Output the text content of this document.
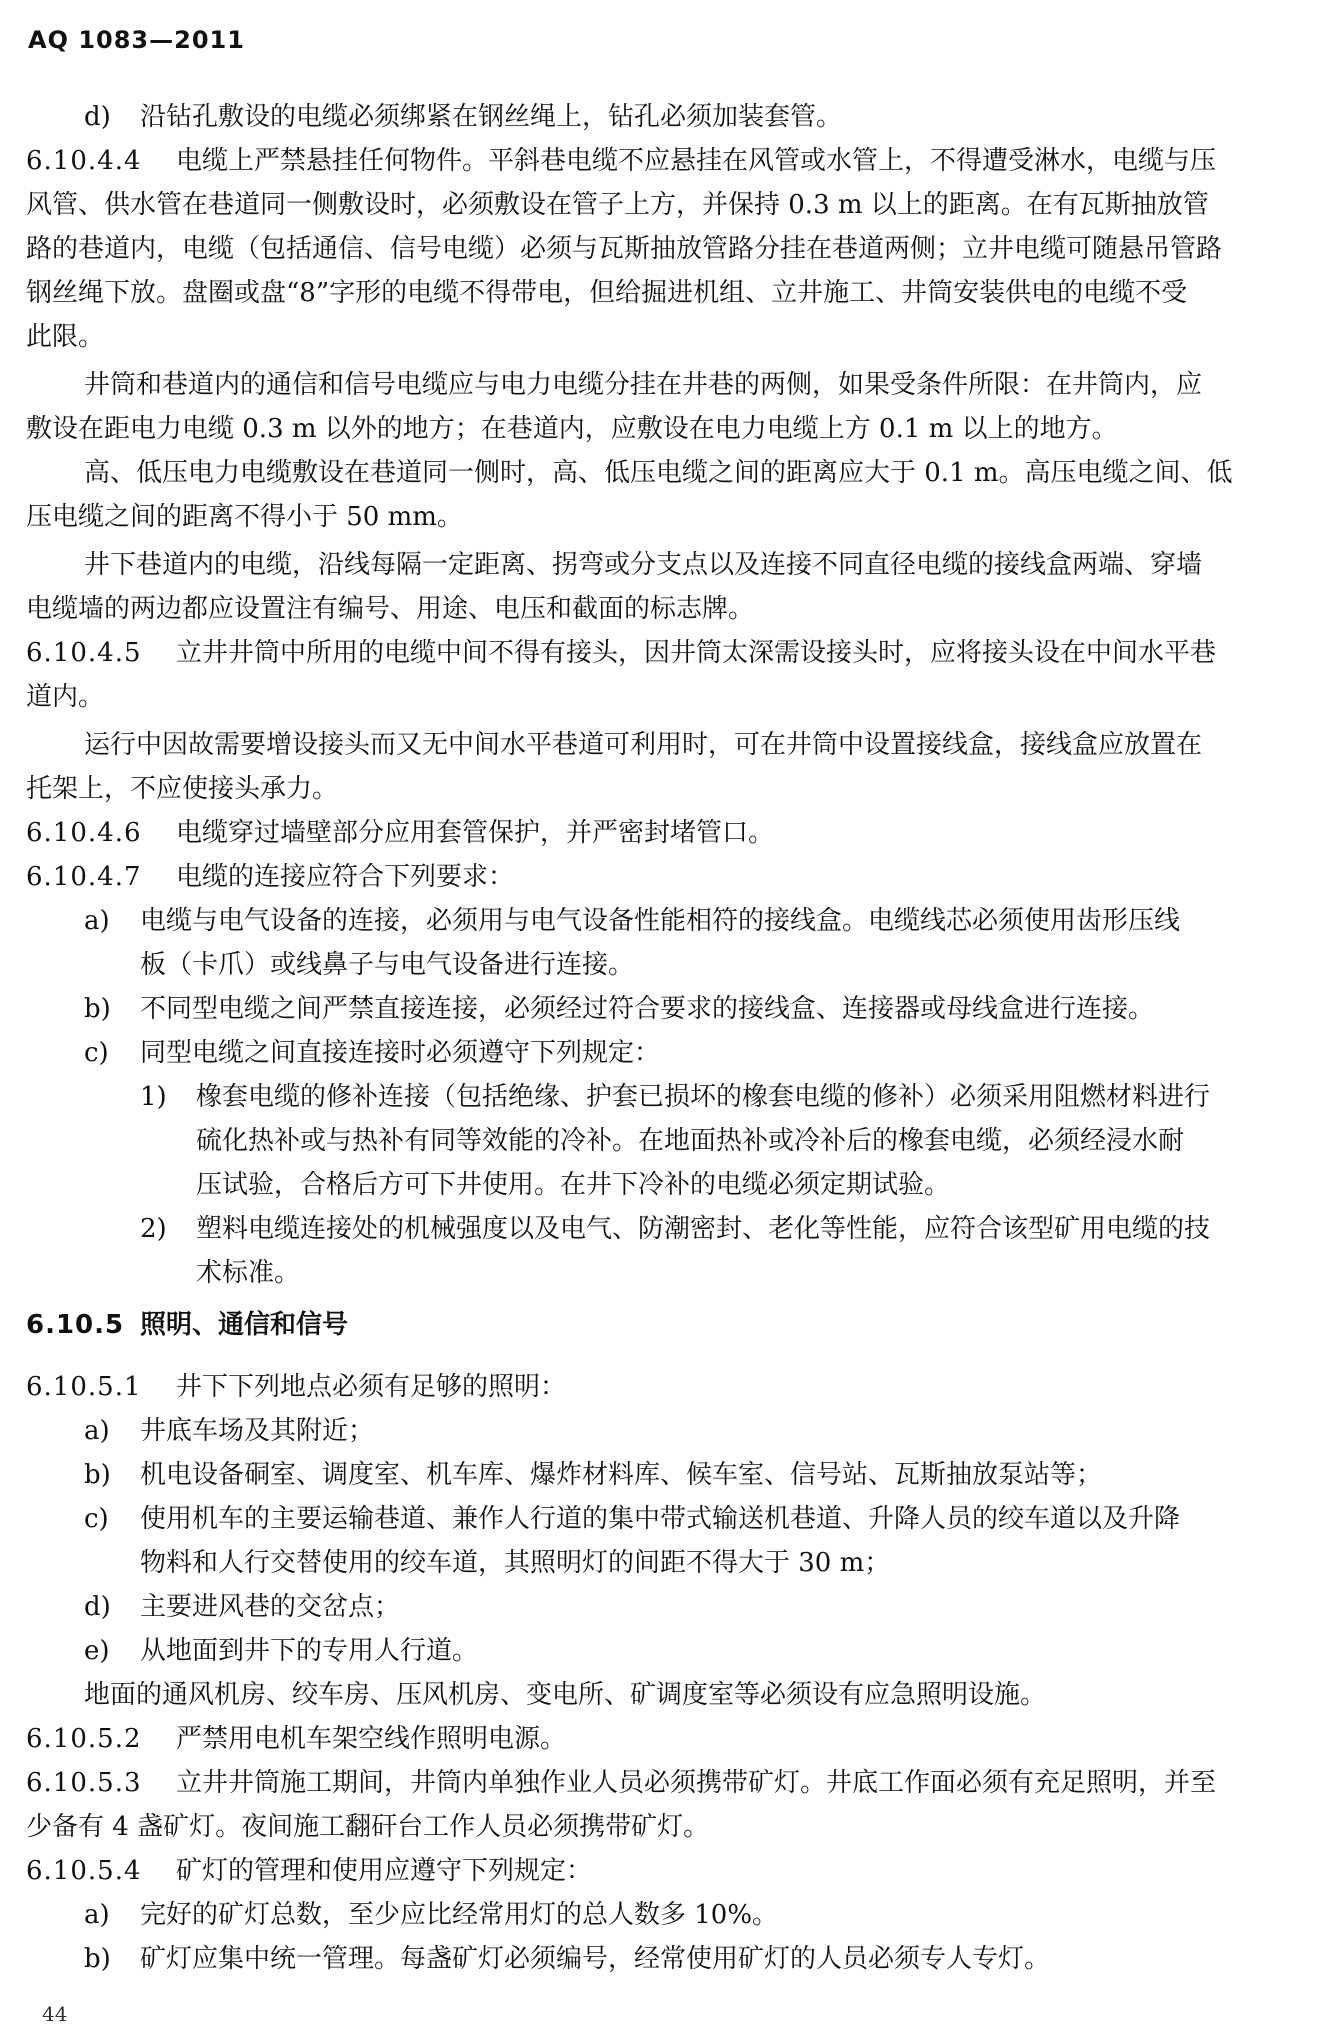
AQ 1083—2011
d) 沿钻孔敷设的电缆必须绑紧在钢丝绳上，钻孔必须加装套管。
6.10.4.4 电缆上严禁悬挂任何物件。平斜巷电缆不应悬挂在风管或水管上，不得遭受淋水，电缆与压
风管、供水管在巷道同一侧敷设时，必须敷设在管子上方，并保持 0.3 m 以上的距离。在有瓦斯抽放管
路的巷道内，电缆（包括通信、信号电缆）必须与瓦斯抽放管路分挂在巷道两侧；立井电缆可随悬吊管路
钢丝绳下放。盘圈或盘“8”字形的电缆不得带电，但给掘进机组、立井施工、井筒安装供电的电缆不受
此限。
井筒和巷道内的通信和信号电缆应与电力电缆分挂在井巷的两侧，如果受条件所限：在井筒内，应
敷设在距电力电缆 0.3 m 以外的地方；在巷道内，应敷设在电力电缆上方 0.1 m 以上的地方。
高、低压电力电缆敷设在巷道同一侧时，高、低压电缆之间的距离应大于 0.1 m。高压电缆之间、低
压电缆之间的距离不得小于 50 mm。
井下巷道内的电缆，沿线每隔一定距离、拐弯或分支点以及连接不同直径电缆的接线盒两端、穿墙
电缆墙的两边都应设置注有编号、用途、电压和截面的标志牌。
6.10.4.5 立井井筒中所用的电缆中间不得有接头，因井筒太深需设接头时，应将接头设在中间水平巷
道内。
运行中因故需要增设接头而又无中间水平巷道可利用时，可在井筒中设置接线盒，接线盒应放置在
托架上，不应使接头承力。
6.10.4.6 电缆穿过墙壁部分应用套管保护，并严密封堵管口。
6.10.4.7 电缆的连接应符合下列要求：
a) 电缆与电气设备的连接，必须用与电气设备性能相符的接线盒。电缆线芯必须使用齿形压线
板（卡爪）或线鼻子与电气设备进行连接。
b) 不同型电缆之间严禁直接连接，必须经过符合要求的接线盒、连接器或母线盒进行连接。
c) 同型电缆之间直接连接时必须遵守下列规定：
1) 橡套电缆的修补连接（包括绝缘、护套已损坏的橡套电缆的修补）必须采用阻燃材料进行
硫化热补或与热补有同等效能的冷补。在地面热补或冷补后的橡套电缆，必须经浸水耐
压试验，合格后方可下井使用。在井下冷补的电缆必须定期试验。
2) 塑料电缆连接处的机械强度以及电气、防潮密封、老化等性能，应符合该型矿用电缆的技
术标准。
6.10.5 照明、通信和信号
6.10.5.1 井下下列地点必须有足够的照明：
a) 井底车场及其附近；
b) 机电设备硐室、调度室、机车库、爆炸材料库、候车室、信号站、瓦斯抽放泵站等；
c) 使用机车的主要运输巷道、兼作人行道的集中带式输送机巷道、升降人员的绞车道以及升降
物料和人行交替使用的绞车道，其照明灯的间距不得大于 30 m；
d) 主要进风巷的交岔点；
e) 从地面到井下的专用人行道。
地面的通风机房、绞车房、压风机房、变电所、矿调度室等必须设有应急照明设施。
6.10.5.2 严禁用电机车架空线作照明电源。
6.10.5.3 立井井筒施工期间，井筒内单独作业人员必须携带矿灯。井底工作面必须有充足照明，并至
少备有 4 盏矿灯。夜间施工翻矸台工作人员必须携带矿灯。
6.10.5.4 矿灯的管理和使用应遵守下列规定：
a) 完好的矿灯总数，至少应比经常用灯的总人数多 10%。
b) 矿灯应集中统一管理。每盏矿灯必须编号，经常使用矿灯的人员必须专人专灯。
44
